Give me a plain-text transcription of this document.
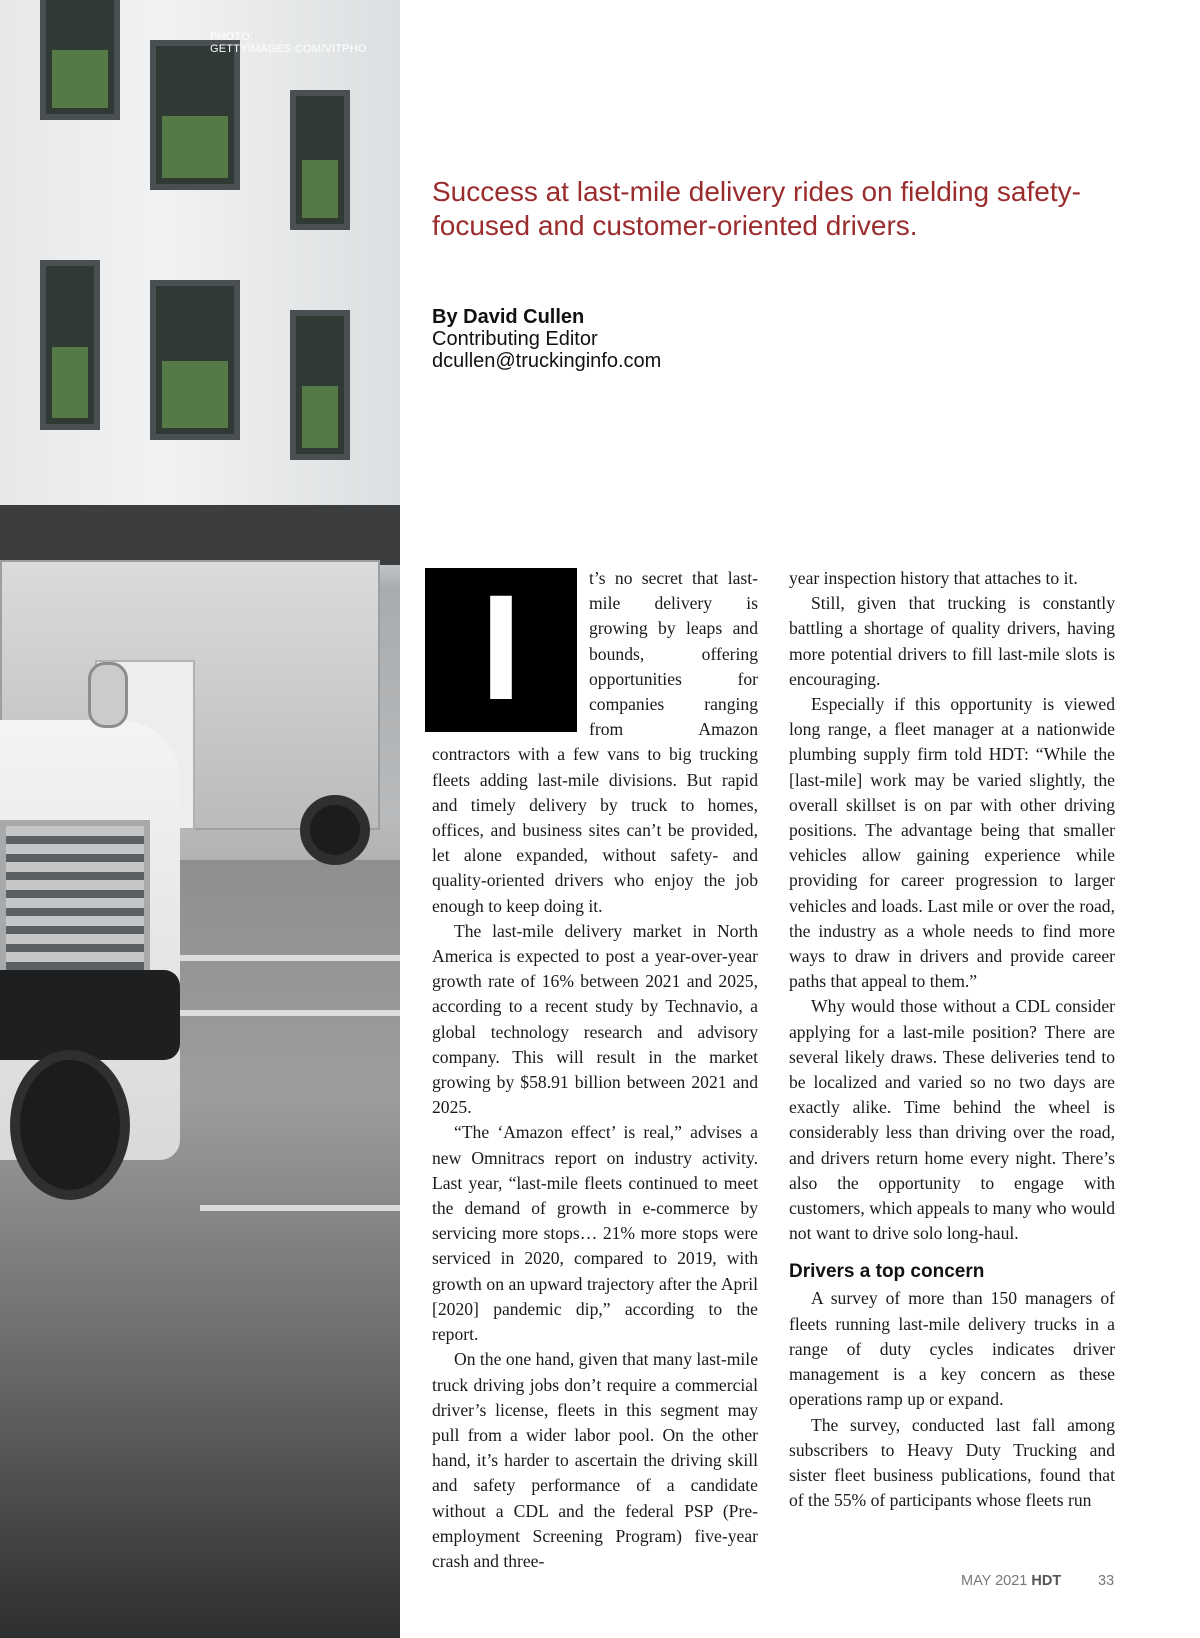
PHOTO: GETTYIMAGES.COM/VITPHO
Success at last-mile delivery rides on fielding safety-focused and customer-oriented drivers.
By David Cullen
Contributing Editor
dcullen@truckinginfo.com
I	t’s no secret that last-mile delivery is growing by leaps and bounds, offering opportunities for companies ranging from Amazon contractors with a few vans to big trucking fleets adding last-mile divisions. But rapid and timely delivery by truck to homes, offices, and business sites can’t be provided, let alone expanded, without safety- and quality-oriented drivers who enjoy the job enough to keep doing it.

The last-mile delivery market in North America is expected to post a year-over-year growth rate of 16% between 2021 and 2025, according to a recent study by Technavio, a global technology research and advisory company. This will result in the market growing by $58.91 billion between 2021 and 2025.

“The ‘Amazon effect’ is real,” advises a new Omnitracs report on industry activity. Last year, “last-mile fleets continued to meet the demand of growth in e-commerce by servicing more stops… 21% more stops were serviced in 2020, compared to 2019, with growth on an upward trajectory after the April [2020] pandemic dip,” according to the report.

On the one hand, given that many last-mile truck driving jobs don’t require a commercial driver’s license, fleets in this segment may pull from a wider labor pool. On the other hand, it’s harder to ascertain the driving skill and safety performance of a candidate without a CDL and the federal PSP (Pre-employment Screening Program) five-year crash and three-

year inspection history that attaches to it.

Still, given that trucking is constantly battling a shortage of quality drivers, having more potential drivers to fill last-mile slots is encouraging.

Especially if this opportunity is viewed long range, a fleet manager at a nationwide plumbing supply firm told HDT: “While the [last-mile] work may be varied slightly, the overall skillset is on par with other driving positions. The advantage being that smaller vehicles allow gaining experience while providing for career progression to larger vehicles and loads. Last mile or over the road, the industry as a whole needs to find more ways to draw in drivers and provide career paths that appeal to them.”

Why would those without a CDL consider applying for a last-mile position? There are several likely draws. These deliveries tend to be localized and varied so no two days are exactly alike. Time behind the wheel is considerably less than driving over the road, and drivers return home every night. There’s also the opportunity to engage with customers, which appeals to many who would not want to drive solo long-haul.

Drivers a top concern

A survey of more than 150 managers of fleets running last-mile delivery trucks in a range of duty cycles indicates driver management is a key concern as these operations ramp up or expand.

The survey, conducted last fall among subscribers to Heavy Duty Trucking and sister fleet business publications, found that of the 55% of participants whose fleets run

MAY 2021 HDT	33
